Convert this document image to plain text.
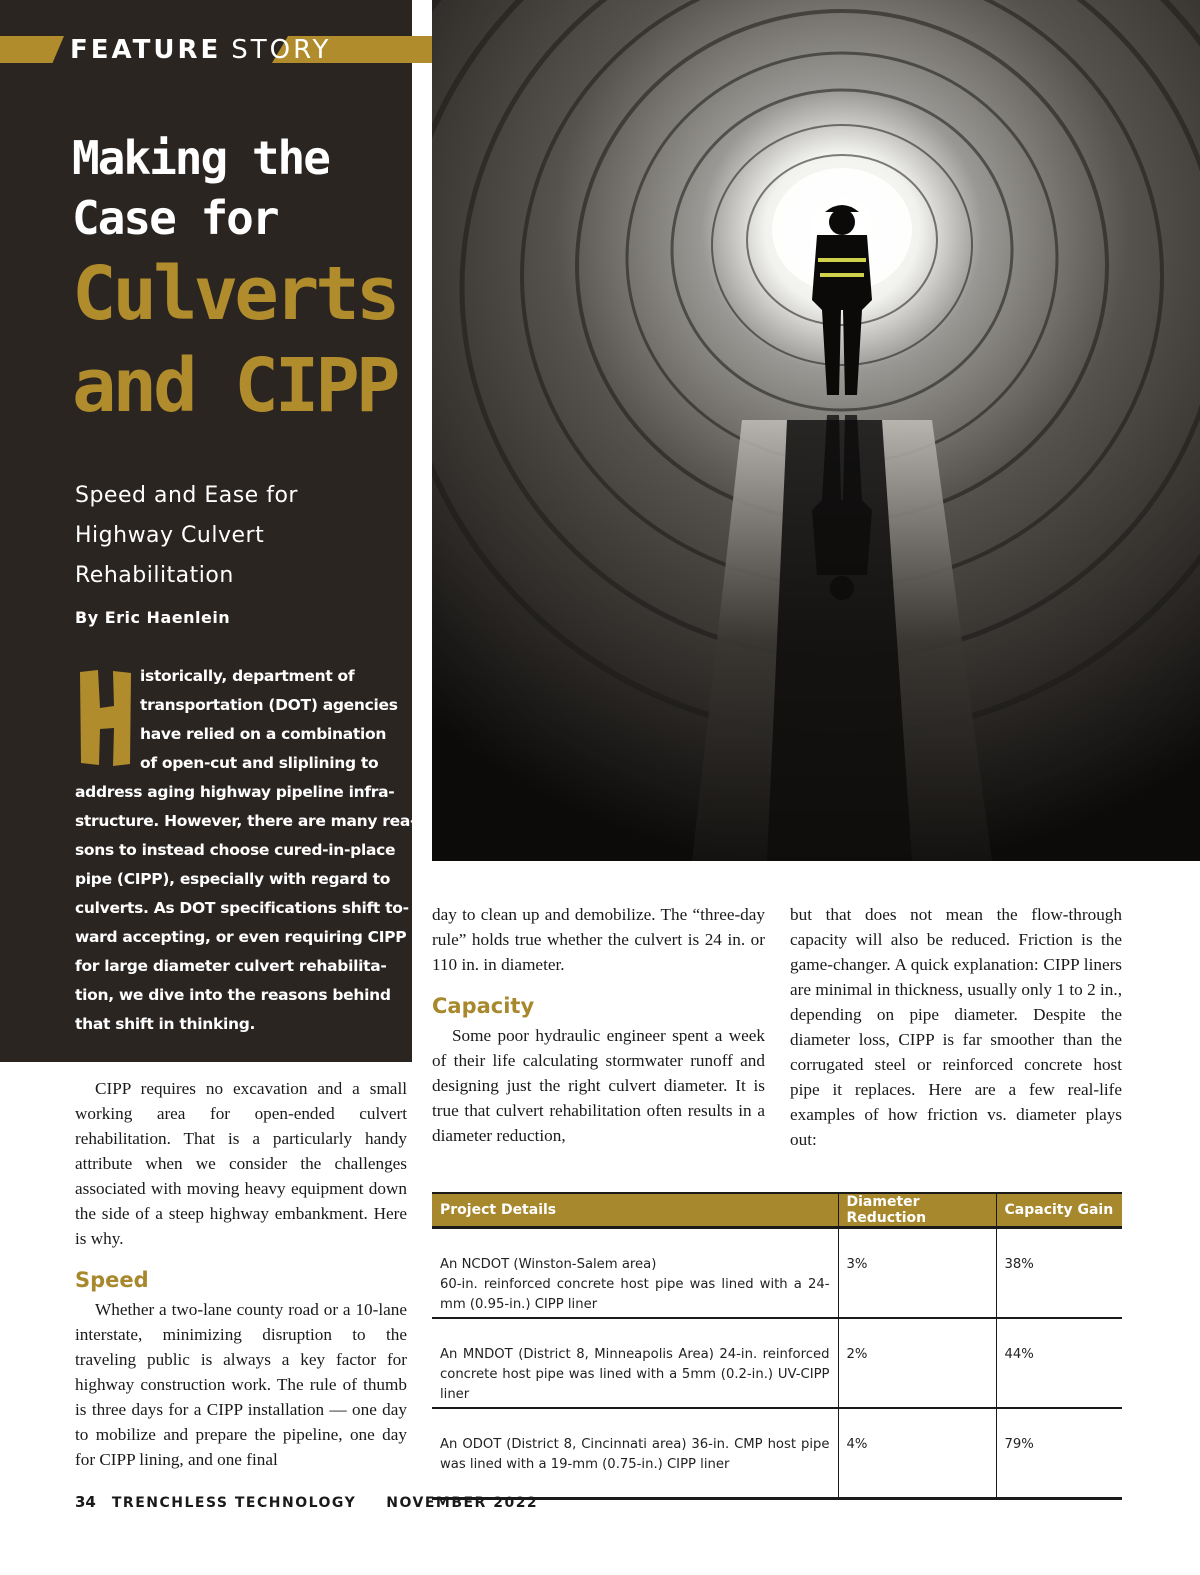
FEATURE STORY
Making the
Case for
Culverts
and CIPP
Speed and Ease for Highway Culvert Rehabilitation
By Eric Haenlein
istorically, department of
transportation (DOT) agencies
have relied on a combination
of open-cut and sliplining to
address aging highway pipeline infra-
structure. However, there are many rea-
sons to instead choose cured-in-place
pipe (CIPP), especially with regard to
culverts. As DOT specifications shift to-
ward accepting, or even requiring CIPP
for large diameter culvert rehabilita-
tion, we dive into the reasons behind
that shift in thinking.

CIPP requires no excavation and a small working area for open-ended culvert rehabilitation. That is a particularly handy attribute when we consider the challenges associated with moving heavy equipment down the side of a steep highway embankment. Here is why.

Speed

Whether a two-lane county road or a 10-lane interstate, minimizing disruption to the traveling public is always a key factor for highway construction work. The rule of thumb is three days for a CIPP installation — one day to mobilize and prepare the pipeline, one day for CIPP lining, and one final

day to clean up and demobilize. The “three-day rule” holds true whether the culvert is 24 in. or 110 in. in diameter.

Capacity

Some poor hydraulic engineer spent a week of their life calculating stormwater runoff and designing just the right culvert diameter. It is true that culvert rehabilitation often results in a diameter reduction,

but that does not mean the flow-through capacity will also be reduced. Friction is the game-changer. A quick explanation: CIPP liners are minimal in thickness, usually only 1 to 2 in., depending on pipe diameter. Despite the diameter loss, CIPP is far smoother than the corrugated steel or reinforced concrete host pipe it replaces. Here are a few real-life examples of how friction vs. diameter plays out:

Project Details	Diameter Reduction	Capacity Gain

An NCDOT (Winston-Salem area)
60-in. reinforced concrete host pipe was lined with a 24-mm (0.95-in.) CIPP liner	3%	38%

An MNDOT (District 8, Minneapolis Area) 24-in. reinforced concrete host pipe was lined with a 5mm (0.2-in.) UV-CIPP liner	2%	44%

An ODOT (District 8, Cincinnati area) 36-in. CMP host pipe was lined with a 19-mm (0.75-in.) CIPP liner	4%	79%
34 TRENCHLESS TECHNOLOGY NOVEMBER 2022
